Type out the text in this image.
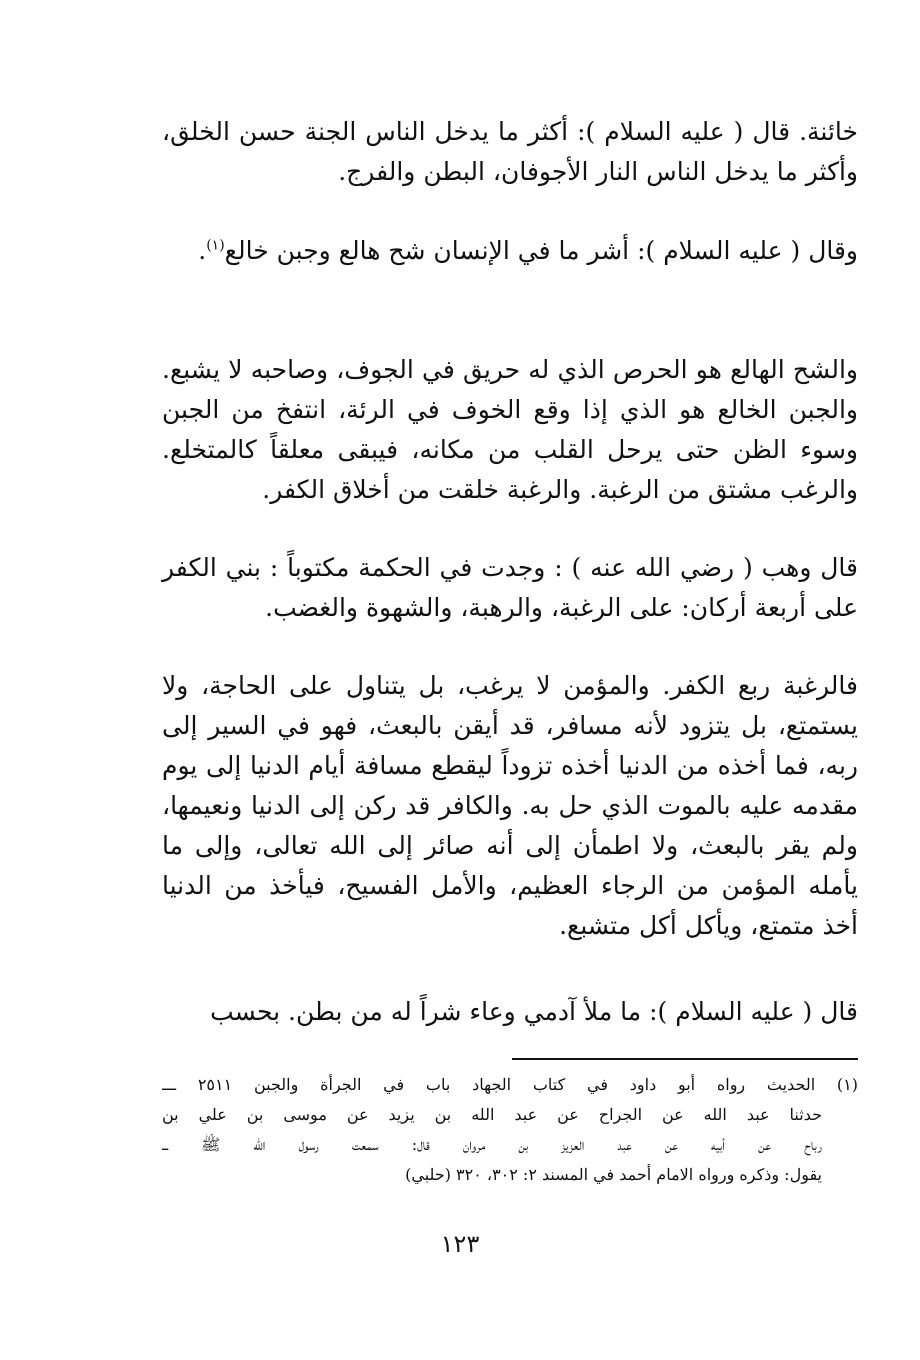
خائنة. قال ( عليه السلام ): أكثر ما يدخل الناس الجنة حسن الخلق، وأكثر ما يدخل الناس النار الأجوفان، البطن والفرج.

وقال ( عليه السلام ): أشر ما في الإنسان شح هالع وجبن خالع$^{(١)}$.

والشح الهالع هو الحرص الذي له حريق في الجوف، وصاحبه لا يشبع. والجبن الخالع هو الذي إذا وقع الخوف في الرئة، انتفخ من الجبن وسوء الظن حتى يرحل القلب من مكانه، فيبقى معلقاً كالمتخلع. والرغب مشتق من الرغبة. والرغبة خلقت من أخلاق الكفر.

قال وهب ( رضي الله عنه ) : وجدت في الحكمة مكتوباً : بني الكفر على أربعة أركان: على الرغبة، والرهبة، والشهوة والغضب.

فالرغبة ربع الكفر. والمؤمن لا يرغب، بل يتناول على الحاجة، ولا يستمتع، بل يتزود لأنه مسافر، قد أيقن بالبعث، فهو في السير إلى ربه، فما أخذه من الدنيا أخذه تزوداً ليقطع مسافة أيام الدنيا إلى يوم مقدمه عليه بالموت الذي حل به. والكافر قد ركن إلى الدنيا ونعيمها، ولم يقر بالبعث، ولا اطمأن إلى أنه صائر إلى الله تعالى، وإلى ما يأمله المؤمن من الرجاء العظيم، والأمل الفسيح، فيأخذ من الدنيا أخذ متمتع، ويأكل أكل متشبع.

قال ( عليه السلام ): ما ملأ آدمي وعاء شراً له من بطن. بحسب

(١) الحديث رواه أبو داود في كتاب الجهاد باب في الجرأة والجبن ٢٥١١ ـــ

حدثنا عبد الله عن الجراح عن عبد الله بن يزيد عن موسى بن علي بن

رباح عن أبيه عن عبد العزيز بن مروان قال: سمعت رسول الله ﷺ ـــ

يقول: وذكره ورواه الامام أحمد في المسند ٢: ٣٠٢، ٣٢٠ (حلبي)

١٢٣
